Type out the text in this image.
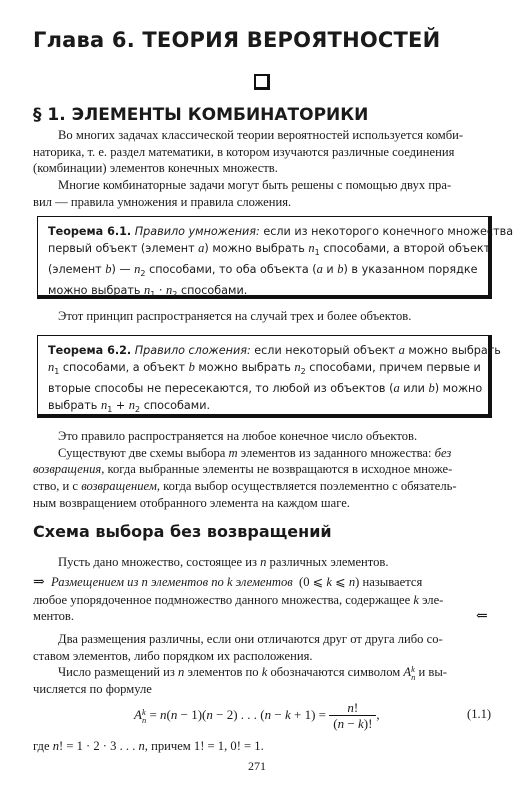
Глава 6. ТЕОРИЯ ВЕРОЯТНОСТЕЙ
§ 1. ЭЛЕМЕНТЫ КОМБИНАТОРИКИ
Во многих задачах классической теории вероятностей используется комби-
наторика, т. е. раздел математики, в котором изучаются различные соединения
(комбинации) элементов конечных множеств.
Многие комбинаторные задачи могут быть решены с помощью двух пра-
вил — правила умножения и правила сложения.
Теорема 6.1. Правило умножения: если из некоторого конечного множества
первый объект (элемент a) можно выбрать $n_1$ способами, а второй объект
(элемент b) — $n_2$ способами, то оба объекта (a и b) в указанном порядке
можно выбрать $n_1 \cdot n_2$ способами.
Этот принцип распространяется на случай трех и более объектов.
Теорема 6.2. Правило сложения: если некоторый объект a можно выбрать
$n_1$ способами, а объект b можно выбрать $n_2$ способами, причем первые и
вторые способы не пересекаются, то любой из объектов (a или b) можно
выбрать $n_1 + n_2$ способами.
Это правило распространяется на любое конечное число объектов.
Существуют две схемы выбора m элементов из заданного множества: без
возвращения, когда выбранные элементы не возвращаются в исходное множе-
ство, и с возвращением, когда выбор осуществляется поэлементно с обязатель-
ным возвращением отобранного элемента на каждом шаге.
Схема выбора без возвращений
Пусть дано множество, состоящее из n различных элементов.
⇒ Размещением из n элементов по k элементов  (0 ⩽ k ⩽ n) называется
любое упорядоченное подмножество данного множества, содержащее k эле-
ментов.	⇐
Два размещения различны, если они отличаются друг от друга либо со-
ставом элементов, либо порядком их расположения.
Число размещений из n элементов по k обозначаются символом Ak
n и вы-
числяется по формуле
Ak
n = n(n − 1)(n − 2) . . . $(n - k + 1) = \frac{n!}{(n - k)!}$ ,	(1.1)
где n! = 1 · 2 · 3 . . . n, причем 1! = 1, 0! = 1.
271
